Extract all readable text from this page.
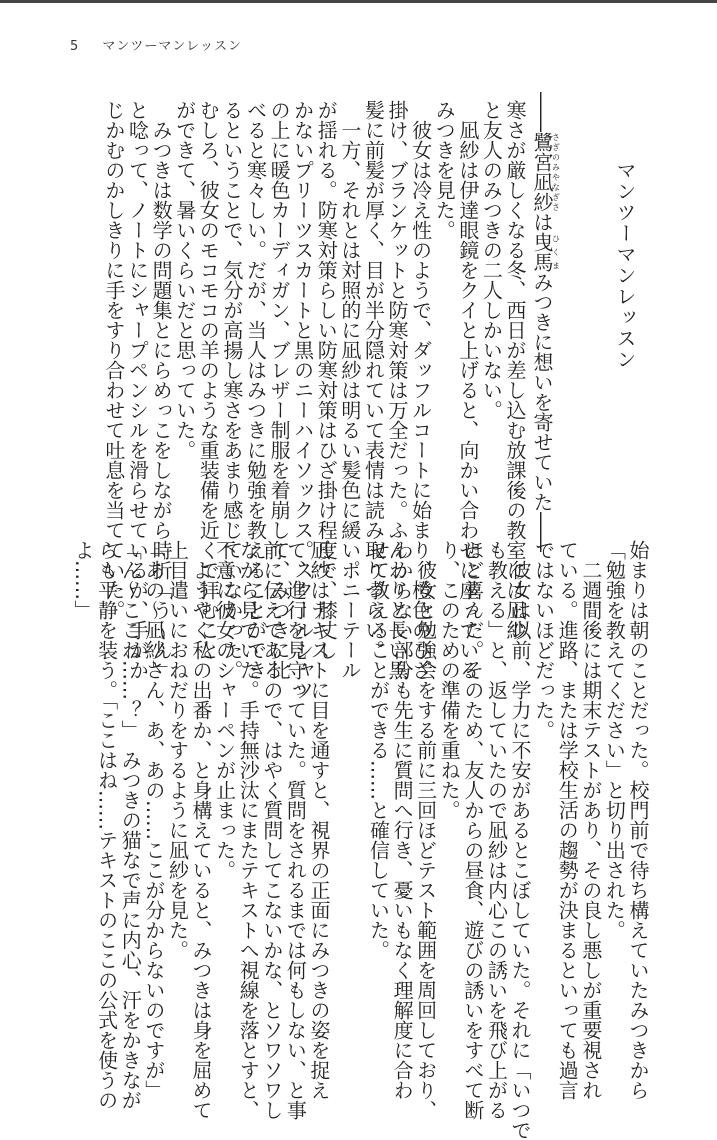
5 マンツーマンレッスン
マンツーマンレッスン
――鷺宮凪紗さぎのみやなぎさは曳馬ひくまみつきに想いを寄せていた――
寒さが厳しくなる冬、西日が差し込む放課後の教室には凪紗
と友人のみつきの二人しかいない。
　凪紗は伊達眼鏡をクイと上げると、向かい合わせに座っている
みつきを見た。
　彼女は冷え性のようで、ダッフルコートに始まり、橙色のひざ
掛け、ブランケットと防寒対策は万全だった。ふんわりと長い黒
髪に前髪が厚く、目が半分隠れていて表情は読み取りづらい。
　一方、それとは対照的に凪紗は明るい髪色に緩いポニーテール
が揺れる。防寒対策らしい防寒対策はひざ掛け程度で、膝丈し
かないプリーツスカートと黒のニーハイソックス。スクールシャツ
の上に暖色カーディガン、ブレザー制服を着崩して、みつきに比
べると寒々しい。だが、当人はみつきに勉強を教えることができ
るということで、気分が高揚し寒さをあまり感じていなかった。
むしろ、彼女のモコモコの羊のような重装備を近くで拝むこと
ができて、暑いくらいだと思っていた。
　みつきは数学の問題集とにらめっこをしながら時折「う～ん」
と唸って、ノートにシャープペンシルを滑らせているが、手がか
じかむのかしきりに手をすり合わせて吐息を当てていた。
始まりは朝のことだった。校門前で待ち構えていたみつきから
「勉強を教えてください」と切り出された。
　二週間後には期末テストがあり、その良し悪しが重要視され
ている。進路、または学校生活の趨勢が決まるといっても過言
ではないほどだった。
　彼女は以前、学力に不安があるとこぼしていた。それに「いつで
も教える」と、返していたので凪紗は内心この誘いを飛び上がる
ほど喜んだ。そのため、友人からの昼食、遊びの誘いをすべて断
り、このための準備を重ねた。
　彼女と勉強会をする前に三回ほどテスト範囲を周回しており、
わからない部分も先生に質問へ行き、憂いもなく理解度に合わ
せて教えることができる……と確信していた。
凪紗はテキストに目を通すと、視界の正面にみつきの姿を捉え
て、進行を見守っていた。質問をされるまでは何もしない、と事
前に伝えてあるので、はやく質問してこないかな、とソワソワし
ながら見ていた。手持無沙汰にまたテキストへ視線を落とすと、
不意に彼女のシャーペンが止まった。
　ようやく私の出番か、と身構えていると、みつきは身を屈めて
上目遣いにおねだりをするように凪紗を見た。
「あの～凪紗さん、あ、あの……ここが分からないのですが」
「ん～ここね……？」　みつきの猫なで声に内心、汗をかきなが
らも平静を装う。「ここはね……テキストのここの公式を使うの
よ……」
